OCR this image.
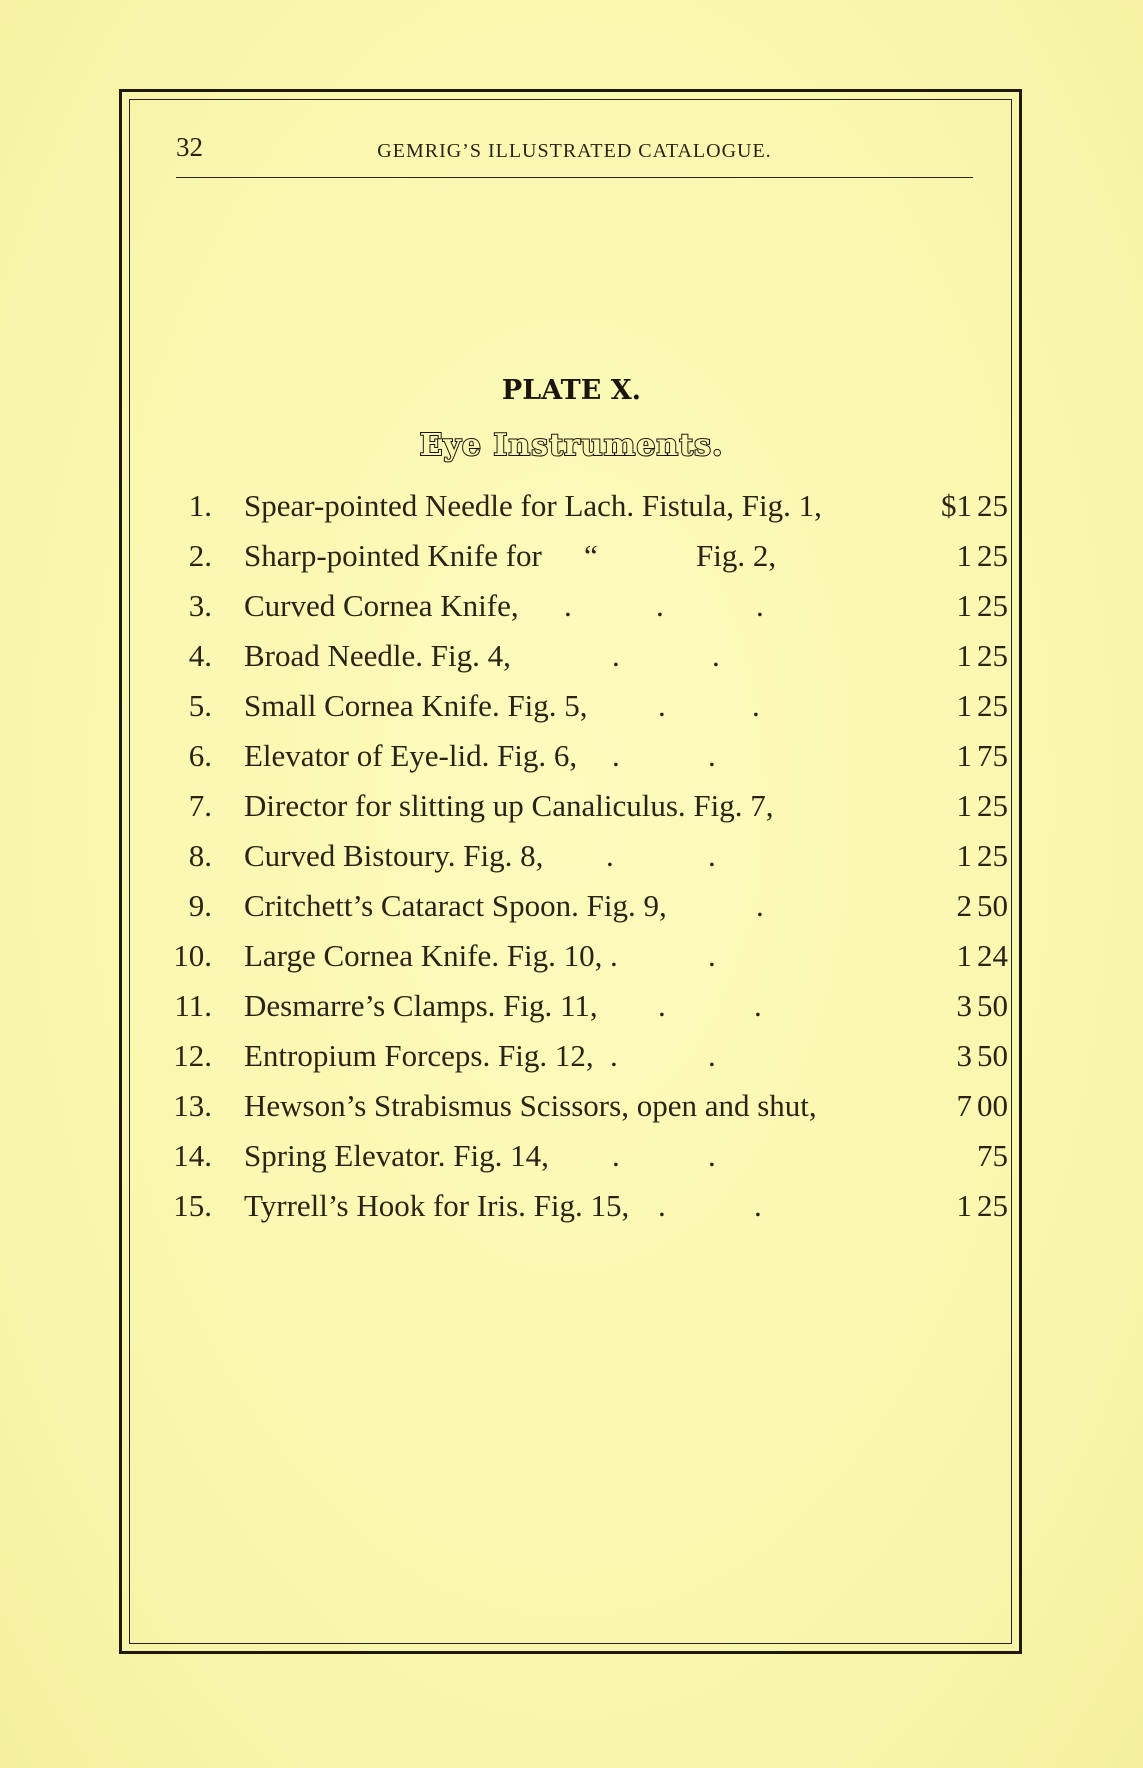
32	GEMRIG’S ILLUSTRATED CATALOGUE.
PLATE X.
Eye Instruments.
1. Spear-pointed Needle for Lach. Fistula, Fig. 1,	$1 25
2. Sharp-pointed Knife for “	Fig. 2,	1 25
3. Curved Cornea Knife, .	.	.	1 25
4. Broad Needle. Fig. 4,	.	.	1 25
5. Small Cornea Knife. Fig. 5, .	.	1 25
6. Elevator of Eye-lid. Fig. 6, .	.	1 75
7. Director for slitting up Canaliculus. Fig. 7,	1 25
8. Curved Bistoury. Fig. 8, .	.	1 25
9. Critchett’s Cataract Spoon. Fig. 9,	.	2 50
10. Large Cornea Knife. Fig. 10, .	.	1 24
11. Desmarre’s Clamps. Fig. 11, .	.	3 50
12. Entropium Forceps. Fig. 12, .	.	3 50
13. Hewson’s Strabismus Scissors, open and shut,	7 00
14. Spring Elevator. Fig. 14, .	.	75
15. Tyrrell’s Hook for Iris. Fig. 15, .	.	1 25
